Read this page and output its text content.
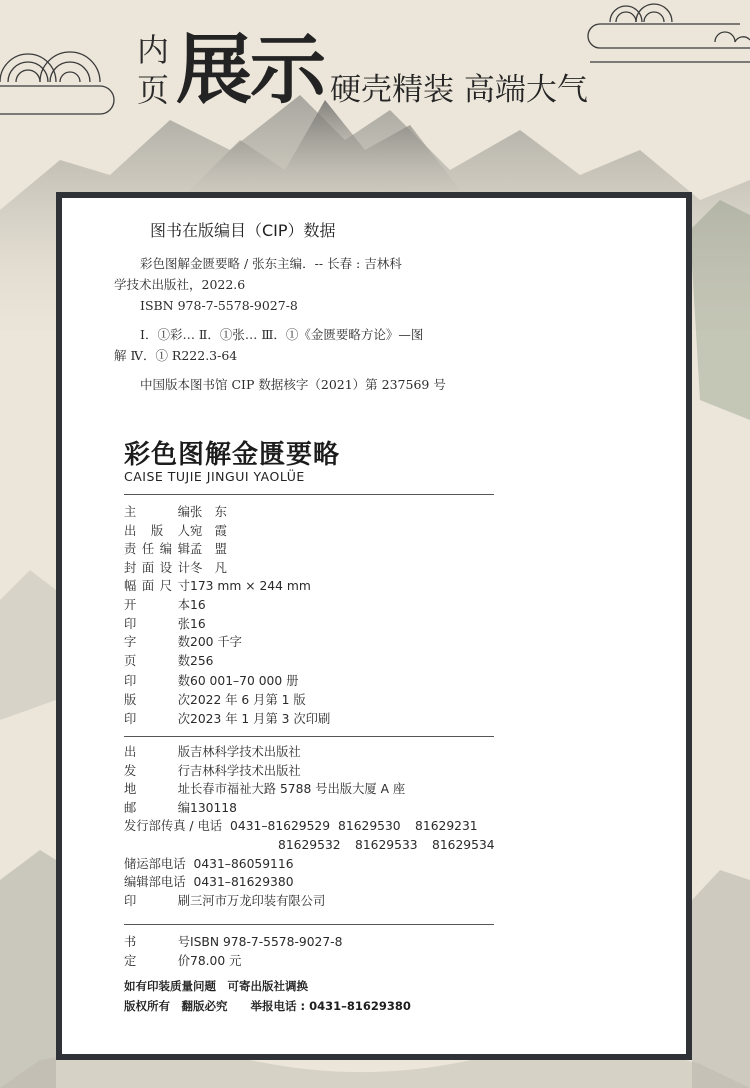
内
页 展示 硬壳精装 高端大气
图书在版编目（CIP）数据
彩色图解金匮要略 / 张东主编．-- 长春 : 吉林科
学技术出版社，2022.6
ISBN 978-7-5578-9027-8
Ⅰ．①彩… Ⅱ．①张… Ⅲ．①《金匮要略方论》—图
解 Ⅳ．① R222.3-64
中国版本图书馆 CIP 数据核字（2021）第 237569 号
彩色图解金匮要略
CAISE TUJIE JINGUI YAOLÜE
主编 张　东
出版人 宛　霞
责任编辑 孟　盟
封面设计 冬　凡
幅面尺寸 173 mm × 244 mm
开本 16
印张 16
字数 200 千字
页数 256
印数 60 001–70 000 册
版次 2022 年 6 月第 1 版
印次 2023 年 1 月第 3 次印刷
出版 吉林科学技术出版社
发行 吉林科学技术出版社
地址 长春市福祉大路 5788 号出版大厦 A 座
邮编 130118
发行部传真 / 电话 0431–81629529 81629530	81629231
81629532	81629533	81629534
储运部电话 0431–86059116
编辑部电话 0431–81629380
印刷 三河市万龙印装有限公司
书号 ISBN 978-7-5578-9027-8
定价 78.00 元
如有印装质量问题　可寄出版社调换
版权所有　翻版必究　　举报电话 : 0431–81629380
